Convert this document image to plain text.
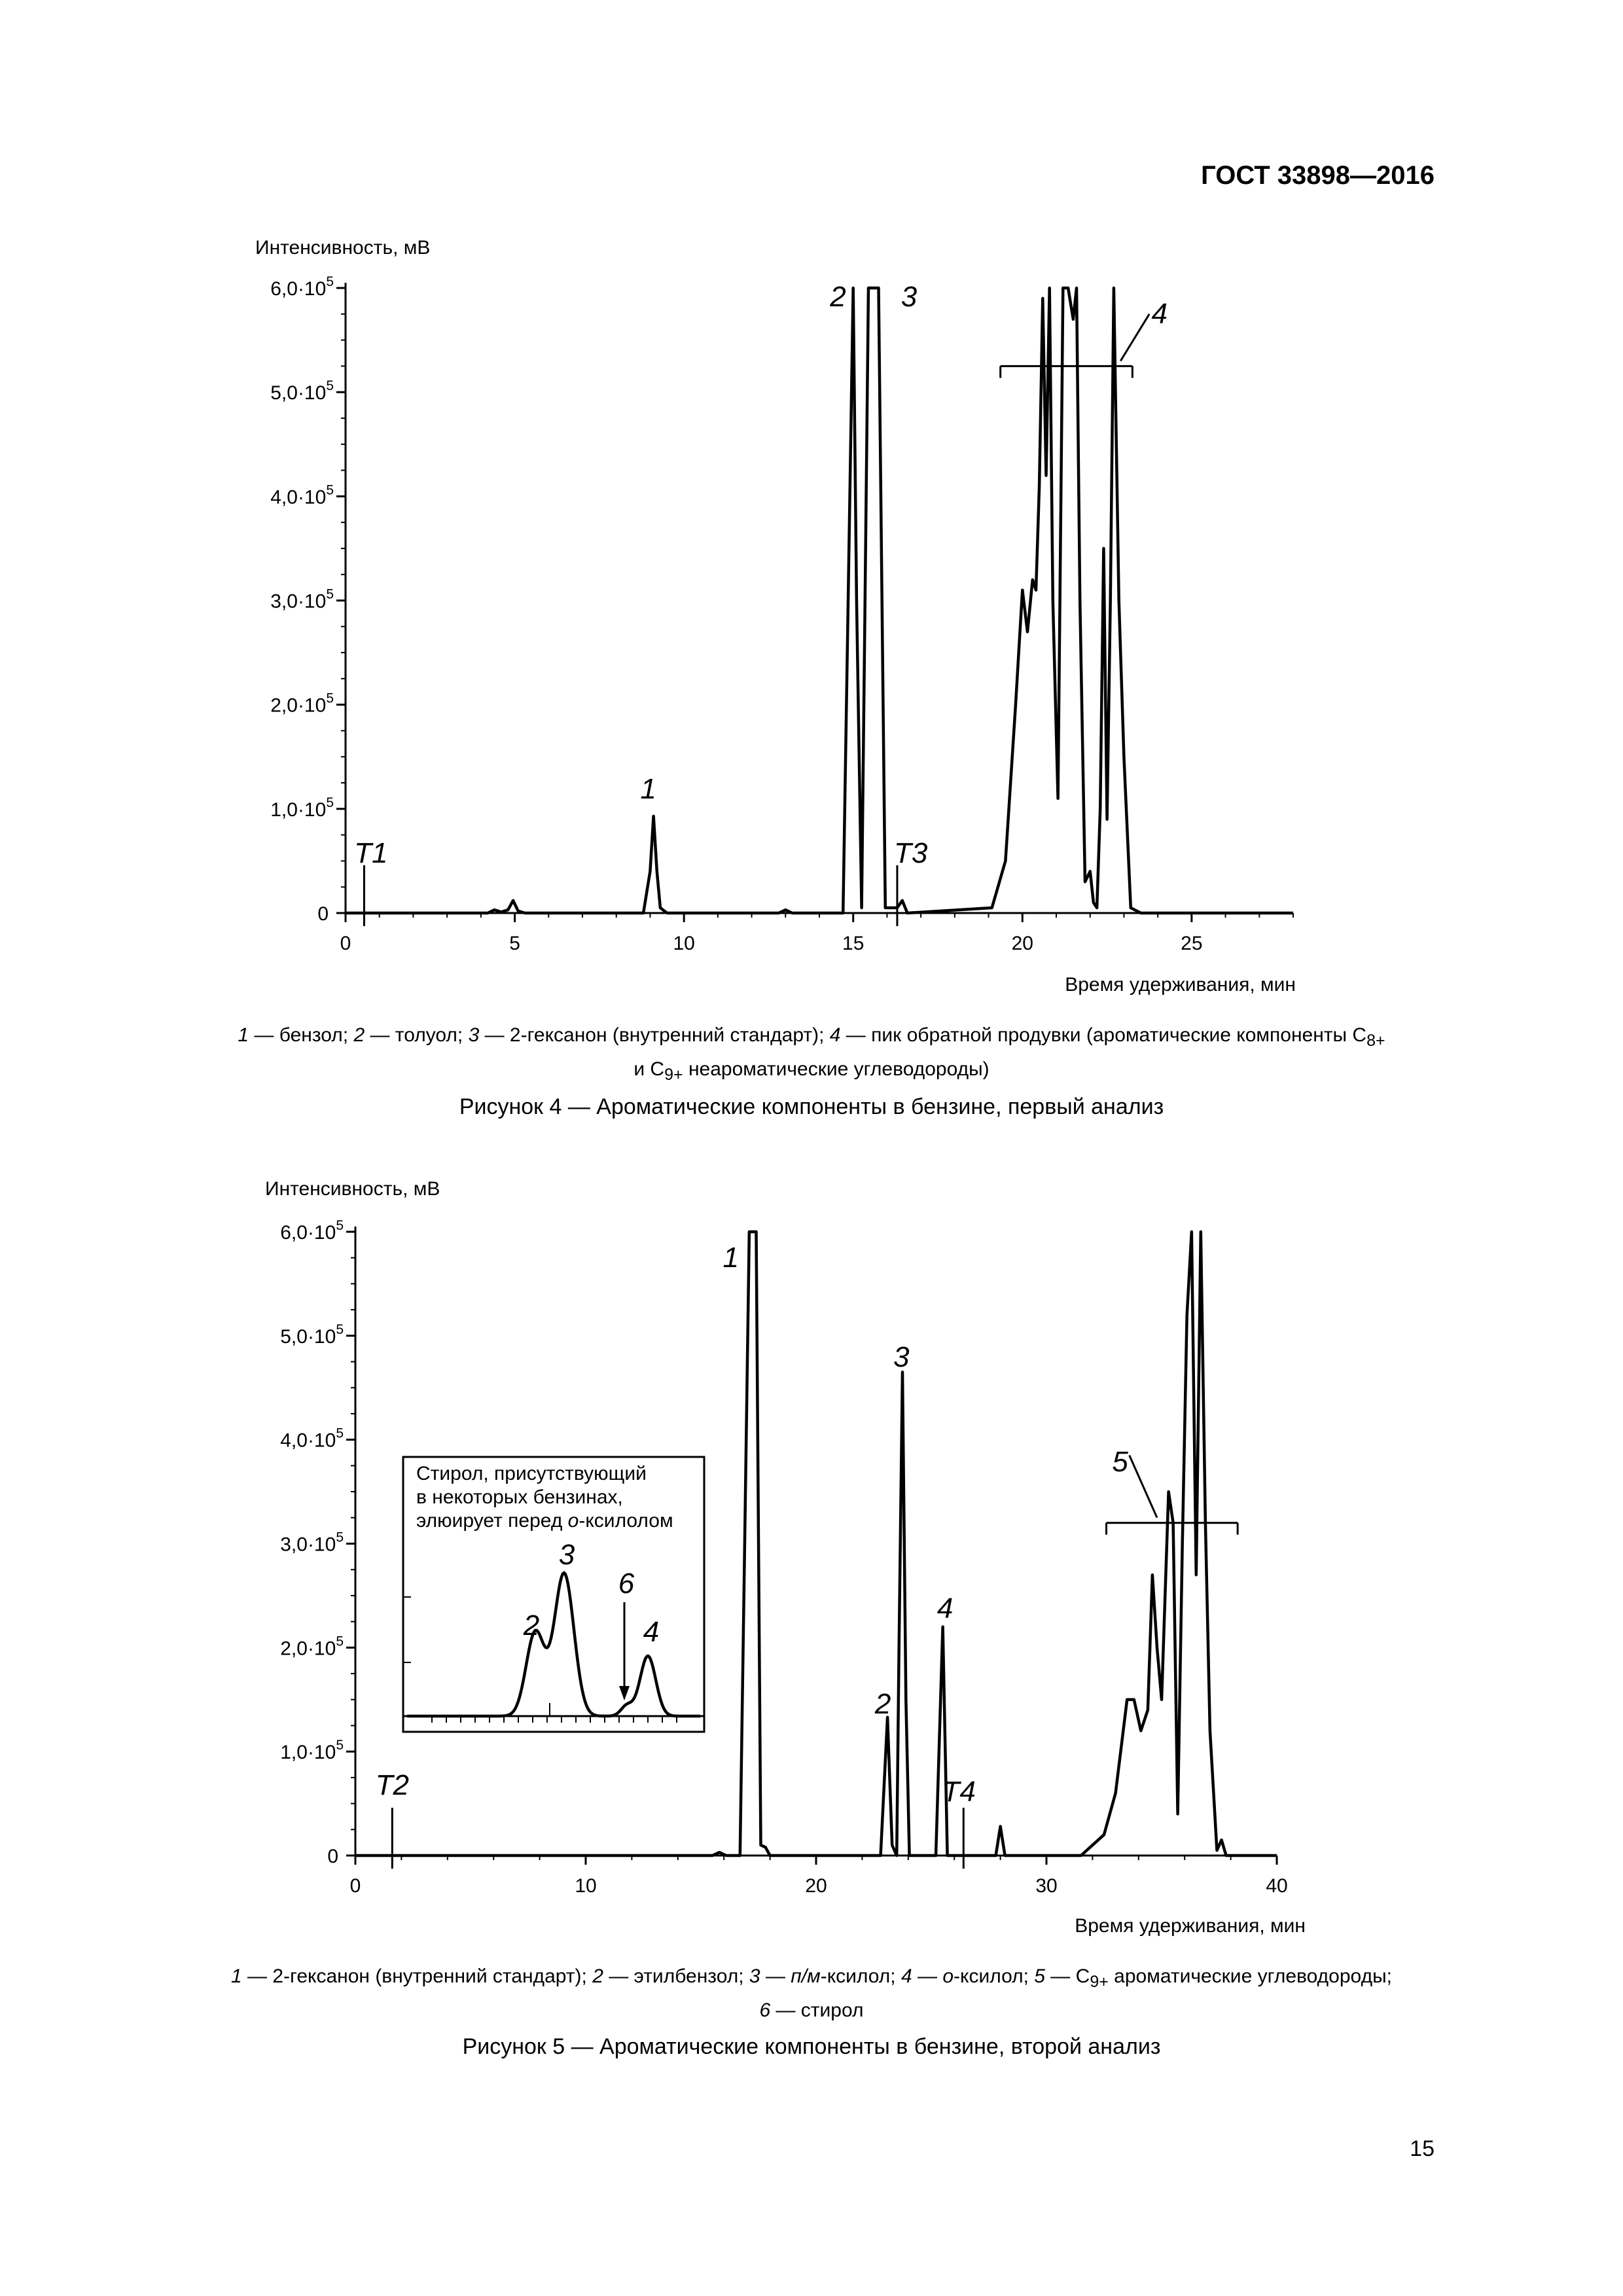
ГОСТ 33898—2016
Интенсивность, мВ
Время удерживания, мин
0
$1,0\cdot 10^5$
$2,0\cdot 10^5$
$3,0\cdot 10^5$
$4,0\cdot 10^5$
$5,0\cdot 10^5$
$6,0\cdot 10^5$
0	5	10	15	20	25
1
2 3
4
T1	T3
1 — бензол; 2 — толуол; 3 — 2-гексанон (внутренний стандарт); 4 — пик обратной продувки (ароматические компоненты $С_{8+}$
и $С_{9+}$ неароматические углеводороды)
Рисунок 4 — Ароматические компоненты в бензине, первый анализ
Интенсивность, мВ
Время удерживания, мин
0
$1,0\cdot 10^5$
$2,0\cdot 10^5$
$3,0\cdot 10^5$
$4,0\cdot 10^5$
$5,0\cdot 10^5$
$6,0\cdot 10^5$
0	10	20	30	40
1
2
3
4
5
T2	T4
2
3
6
4
Стирол, присутствующий
в некоторых бензинах,
элюирует перед о-ксилолом
1 — 2-гексанон (внутренний стандарт); 2 — этилбензол; 3 — п/м-ксилол; 4 — о-ксилол; 5 — $С_{9+}$ ароматические углеводороды;
6 — стирол
Рисунок 5 — Ароматические компоненты в бензине, второй анализ
15
